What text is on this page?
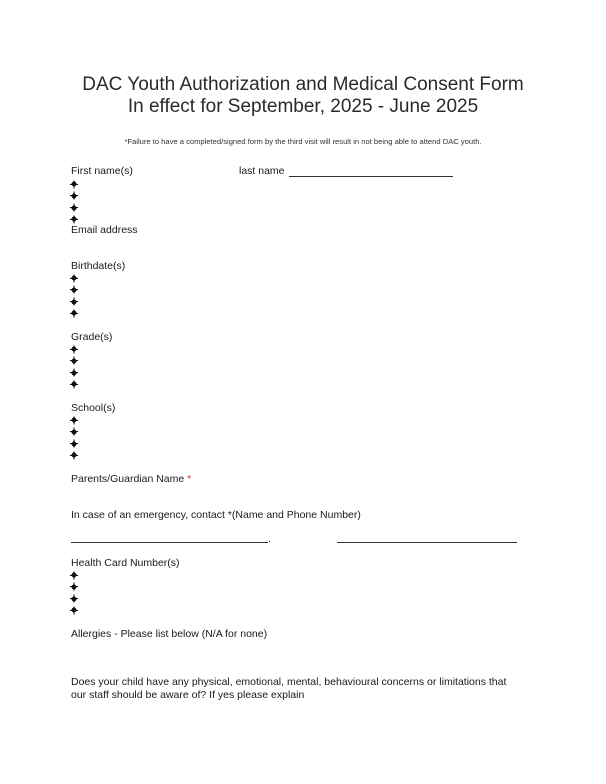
DAC Youth Authorization and Medical Consent Form
In effect for September, 2025 - June 2025
*Failure to have a completed/signed form by the third visit will result in not being able to attend DAC youth.
First name(s)	last name
Email address
Birthdate(s)
Grade(s)
School(s)
Parents/Guardian Name *
In case of an emergency, contact *(Name and Phone Number)
.
Health Card Number(s)
Allergies - Please list below (N/A for none)
Does your child have any physical, emotional, mental, behavioural concerns or limitations that
our staff should be aware of? If yes please explain
